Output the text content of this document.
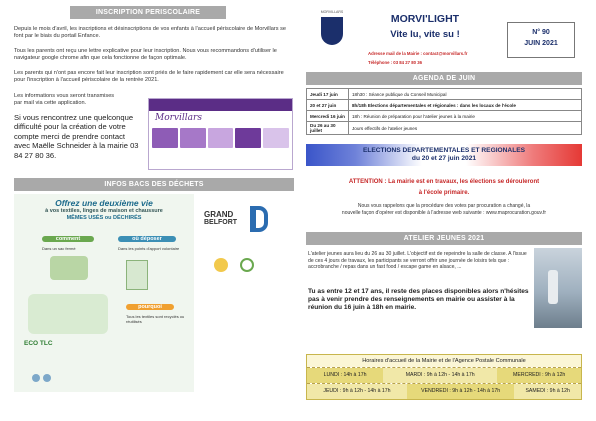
INSCRIPTION PERISCOLAIRE
Depuis le mois d'avril, les inscriptions et désinscriptions de vos enfants à l'accueil périscolaire de Morvillars se font par le biais du portail Enfance.
Tous les parents ont reçu une lettre explicative pour leur inscription. Nous vous recommandons d'utiliser le navigateur google chrome afin que cela fonctionne de façon optimale.
Les parents qui n'ont pas encore fait leur inscription sont priés de le faire rapidement car elle sera nécessaire pour l'inscription à l'accueil périscolaire de la rentrée 2021.
Les informations vous seront transmises par mail via cette application.
Si vous rencontrez une quelconque difficulté pour la création de votre compte merci de prendre contact avec Maëlle Schneider à la mairie 03 84 27 80 36.
Morvillars
INFOS BACS DES DÉCHETS
Offrez une deuxième vie
à vos textiles, linges de maison et chaussure
MÊMES USÉS ou DÉCHIRÉS
comment
Dans un sac fermé
où déposer
Dans les points d'apport volontaire
pourquoi
Tous les textiles sont recyclés ou réutilisés
ECO TLC
GRAND
BELFORT
MORVILLARS
MORVI'LIGHT
Vite lu, vite su !
Adresse mail de la Mairie : contact@morvillars.fr
Téléphone : 03 84 27 80 36
N° 90
JUIN 2021
AGENDA DE JUIN
Jeudi 17 juin	18h30 : Séance publique du Conseil Municipal
20 et 27 juin	8h/18h Elections départementales et régionales : dans les locaux de l'école
Mercredi 16 juin	18h : Réunion de préparation pour l'atelier jeunes à la mairie
Du 26 au 30 juillet	Jours effectifs de l'atelier jeunes
ELECTIONS DEPARTEMENTALES ET REGIONALES
du 20 et 27 juin 2021
ATTENTION : La mairie est en travaux, les élections se dérouleront
à l'école primaire.
Nous vous rappelons que la procédure des votes par procuration a changé, la
nouvelle façon d'opérer est disponible à l'adresse web suivante : www.maprocuration.gouv.fr
ATELIER JEUNES 2021
L'atelier jeunes aura lieu du 26 au 30 juillet. L'objectif est de repeindre la salle de classe. A l'issue de ces 4 jours de travaux, les participants se verront offrir une journée de loisirs tels que : accrobranche / repas dans un fast food / escape game en alsace, ...
Tu as entre 12 et 17 ans, il reste des places disponibles alors n'hésites pas à venir prendre des renseignements en mairie ou assister à la réunion du 16 juin à 18h en mairie.
Horaires d'accueil de la Mairie et de l'Agence Postale Communale
LUNDI : 14h à 17h	MARDI : 9h à 12h - 14h à 17h	MERCREDI : 9h à 12h
JEUDI : 9h à 12h - 14h à 17h	VENDREDI : 9h à 12h - 14h à 17h	SAMEDI : 9h à 12h
